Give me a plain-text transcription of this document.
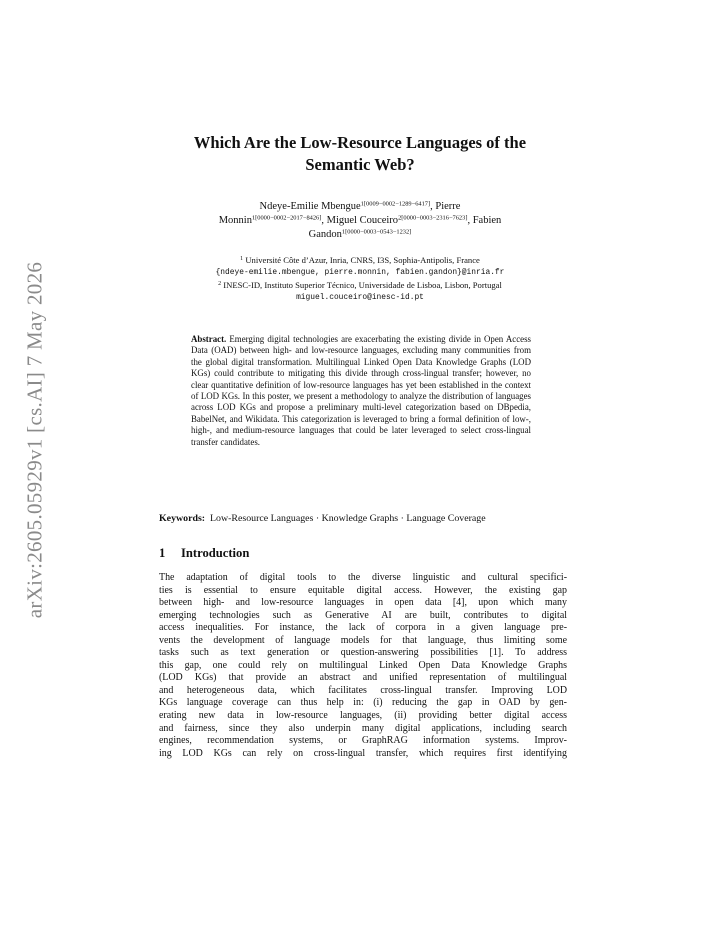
arXiv:2605.05929v1 [cs.AI] 7 May 2026
Which Are the Low-Resource Languages of the
Semantic Web?
Ndeye-Emilie Mbengue$^{1[0009-0002-1289-6417]}$, Pierre
Monnin$^{1[0000-0002-2017-8426]}$, Miguel Couceiro$^{2[0000-0003-2316-7623]}$, Fabien
Gandon$^{1[0000-0003-0543-1232]}$
$^1$ Université Côte d’Azur, Inria, CNRS, I3S, Sophia-Antipolis, France
{ndeye-emilie.mbengue, pierre.monnin, fabien.gandon}@inria.fr
$^2$ INESC-ID, Instituto Superior Técnico, Universidade de Lisboa, Lisbon, Portugal
miguel.couceiro@inesc-id.pt
Abstract. Emerging digital technologies are exacerbating the existing divide in Open Access Data (OAD) between high- and low-resource languages, excluding many communities from the global digital transformation. Multilingual Linked Open Data Knowledge Graphs (LOD KGs) could contribute to mitigating this divide through cross-lingual transfer; however, no clear quantitative definition of low-resource languages has yet been established in the context of LOD KGs. In this poster, we present a methodology to analyze the distribution of languages across LOD KGs and propose a preliminary multi-level categorization based on DBpedia, BabelNet, and Wikidata. This categorization is leveraged to bring a formal definition of low-, high-, and medium-resource languages that could be later leveraged to select cross-lingual transfer candidates.
Keywords: Low-Resource Languages · Knowledge Graphs · Language Coverage
1 Introduction
The adaptation of digital tools to the diverse linguistic and cultural specifici-
ties is essential to ensure equitable digital access. However, the existing gap
between high- and low-resource languages in open data [4], upon which many
emerging technologies such as Generative AI are built, contributes to digital
access inequalities. For instance, the lack of corpora in a given language pre-
vents the development of language models for that language, thus limiting some
tasks such as text generation or question-answering possibilities [1]. To address
this gap, one could rely on multilingual Linked Open Data Knowledge Graphs
(LOD KGs) that provide an abstract and unified representation of multilingual
and heterogeneous data, which facilitates cross-lingual transfer. Improving LOD
KGs language coverage can thus help in: (i) reducing the gap in OAD by gen-
erating new data in low-resource languages, (ii) providing better digital access
and fairness, since they also underpin many digital applications, including search
engines, recommendation systems, or GraphRAG information systems. Improv-
ing LOD KGs can rely on cross-lingual transfer, which requires first identifying
